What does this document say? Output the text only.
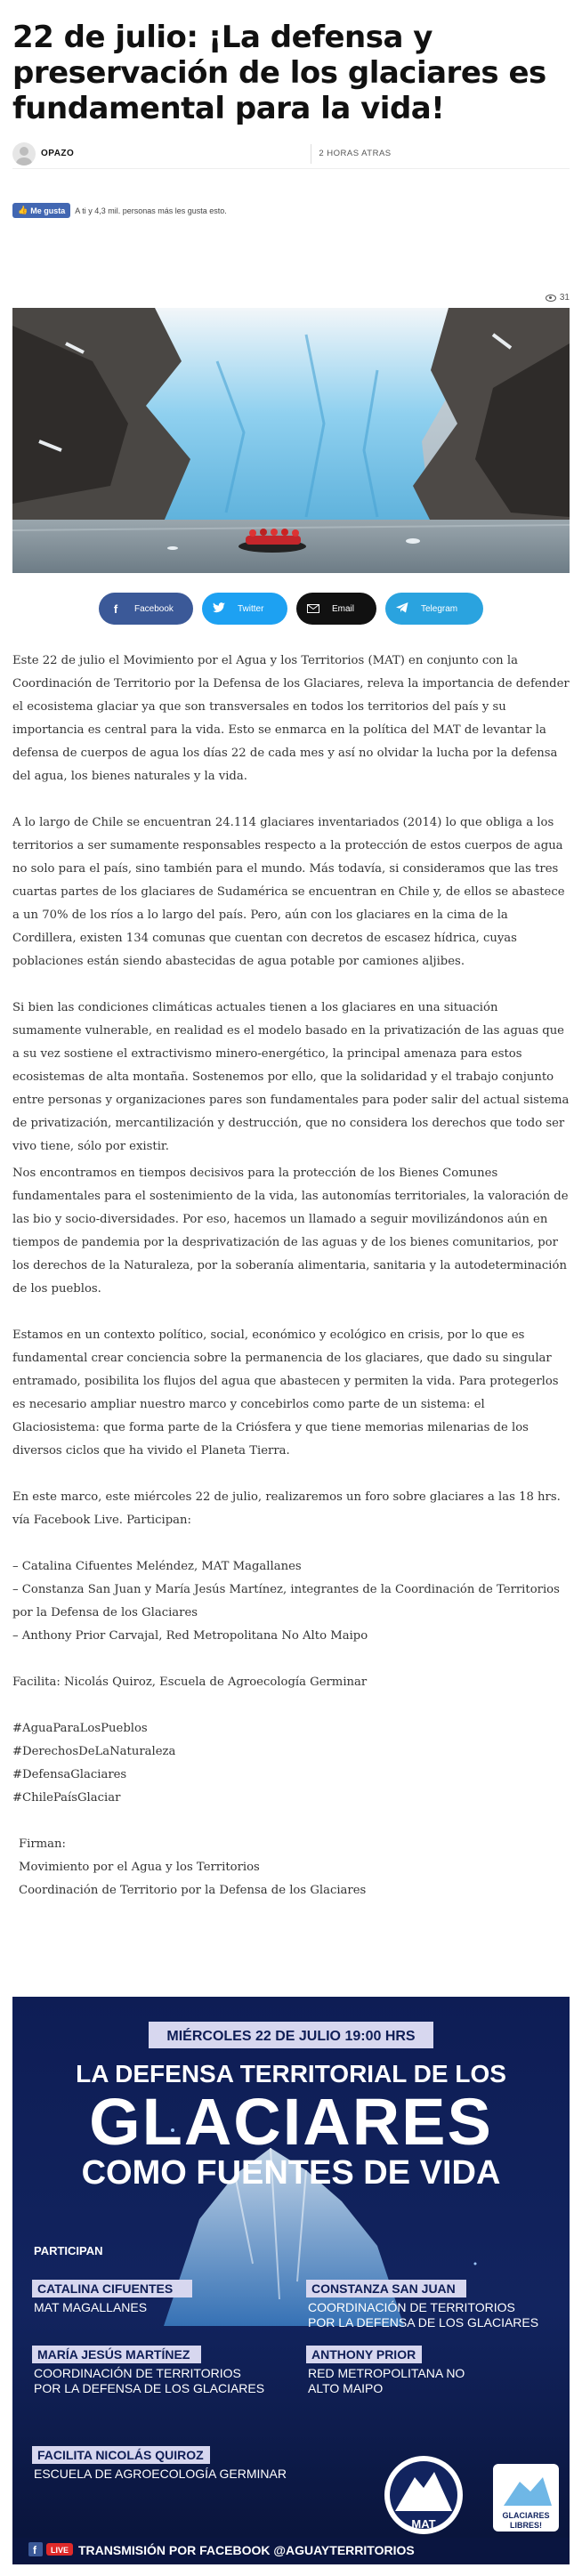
22 de julio: ¡La defensa y preservación de los glaciares es fundamental para la vida!
OPAZO	2 HORAS ATRAS
👍 Me gusta A ti y 4,3 mil. personas más les gusta esto.
31
f	Facebook	Twitter	Email	Telegram

Este 22 de julio el Movimiento por el Agua y los Territorios (MAT) en conjunto con la Coordinación de Territorio por la Defensa de los Glaciares, releva la importancia de defender el ecosistema glaciar ya que son transversales en todos los territorios del país y su importancia es central para la vida. Esto se enmarca en la política del MAT de levantar la defensa de cuerpos de agua los días 22 de cada mes y así no olvidar la lucha por la defensa del agua, los bienes naturales y la vida.

A lo largo de Chile se encuentran 24.114 glaciares inventariados (2014) lo que obliga a los territorios a ser sumamente responsables respecto a la protección de estos cuerpos de agua no solo para el país, sino también para el mundo. Más todavía, si consideramos que las tres cuartas partes de los glaciares de Sudamérica se encuentran en Chile y, de ellos se abastece a un 70% de los ríos a lo largo del país. Pero, aún con los glaciares en la cima de la Cordillera, existen 134 comunas que cuentan con decretos de escasez hídrica, cuyas poblaciones están siendo abastecidas de agua potable por camiones aljibes.

Si bien las condiciones climáticas actuales tienen a los glaciares en una situación sumamente vulnerable, en realidad es el modelo basado en la privatización de las aguas que a su vez sostiene el extractivismo minero-energético, la principal amenaza para estos ecosistemas de alta montaña. Sostenemos por ello, que la solidaridad y el trabajo conjunto entre personas y organizaciones pares son fundamentales para poder salir del actual sistema de privatización, mercantilización y destrucción, que no considera los derechos que todo ser vivo tiene, sólo por existir.

Nos encontramos en tiempos decisivos para la protección de los Bienes Comunes fundamentales para el sostenimiento de la vida, las autonomías territoriales, la valoración de las bio y socio-diversidades. Por eso, hacemos un llamado a seguir movilizándonos aún en tiempos de pandemia por la desprivatización de las aguas y de los bienes comunitarios, por los derechos de la Naturaleza, por la soberanía alimentaria, sanitaria y la autodeterminación de los pueblos.

Estamos en un contexto político, social, económico y ecológico en crisis, por lo que es fundamental crear conciencia sobre la permanencia de los glaciares, que dado su singular entramado, posibilita los flujos del agua que abastecen y permiten la vida. Para protegerlos es necesario ampliar nuestro marco y concebirlos como parte de un sistema: el Glaciosistema: que forma parte de la Criósfera y que tiene memorias milenarias de los diversos ciclos que ha vivido el Planeta Tierra.

En este marco, este miércoles 22 de julio, realizaremos un foro sobre glaciares a las 18 hrs. vía Facebook Live. Participan:

– Catalina Cifuentes Meléndez, MAT Magallanes
– Constanza San Juan y María Jesús Martínez, integrantes de la Coordinación de Territorios por la Defensa de los Glaciares
– Anthony Prior Carvajal, Red Metropolitana No Alto Maipo

Facilita: Nicolás Quiroz, Escuela de Agroecología Germinar

#AguaParaLosPueblos
#DerechosDeLaNaturaleza
#DefensaGlaciares
#ChilePaísGlaciar

Firman:
Movimiento por el Agua y los Territorios
Coordinación de Territorio por la Defensa de los Glaciares

MIÉRCOLES 22 DE JULIO 19:00 HRS
LA DEFENSA TERRITORIAL DE LOS
GLACIARES
COMO FUENTES DE VIDA
PARTICIPAN
CATALINA CIFUENTES
MAT MAGALLANES
CONSTANZA SAN JUAN
COORDINACIÓN DE TERRITORIOS
POR LA DEFENSA DE LOS GLACIARES
MARÍA JESÚS MARTÍNEZ
COORDINACIÓN DE TERRITORIOS
POR LA DEFENSA DE LOS GLACIARES
ANTHONY PRIOR
RED METROPOLITANA NO
ALTO MAIPO
FACILITA NICOLÁS QUIROZ
ESCUELA DE AGROECOLOGÍA GERMINAR
MAT
GLACIARES
LIBRES!
f LIVE TRANSMISIÓN POR FACEBOOK @AGUAYTERRITORIOS
